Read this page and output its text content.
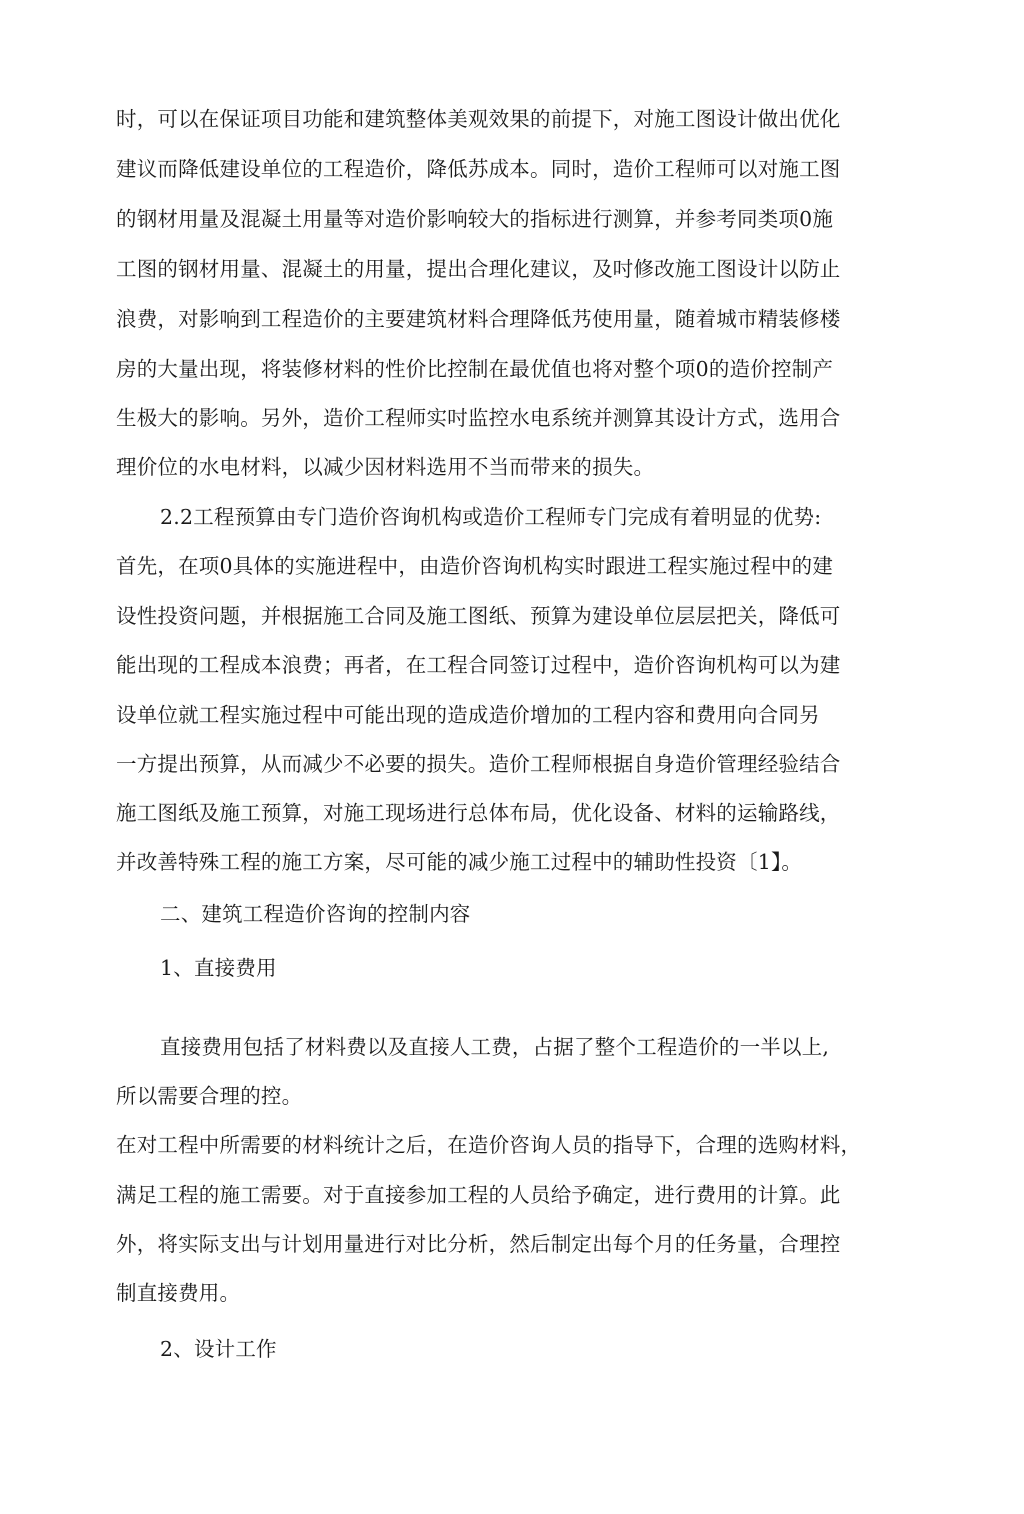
时，可以在保证项目功能和建筑整体美观效果的前提下，对施工图设计做出优化
建议而降低建设单位的工程造价，降低苏成本。同时，造价工程师可以对施工图
的钢材用量及混凝土用量等对造价影响较大的指标进行测算，并参考同类项0施
工图的钢材用量、混凝土的用量，提出合理化建议，及吋修改施工图设计以防止
浪费，对影响到工程造价的主要建筑材料合理降低艿使用量，随着城市精装修楼
房的大量出现，将装修材料的性价比控制在最优值也将对整个项0的造价控制产
生极大的影响。另外，造价工程师实吋监控水电系统并测算其设计方式，选用合
理价位的水电材料，以减少因材料选用不当而带来的损失。
2.2工程预算由专门造价咨询机构或造价工程师专门完成有着明显的优势:
首先，在项0具体的实施进程中，由造价咨询机构实时跟进工程实施过程中的建
设性投资问题，并根据施工合同及施工图纸、预算为建设单位层层把关，降低可
能出现的工程成本浪费；再者，在工程合同签订过程中，造价咨询机构可以为建
设单位就工程实施过程中可能出现的造成造价增加的工程内容和费用向合同另
一方提出预算，从而减少不必要的损失。造价工程师根据自身造价管理经验结合
施工图纸及施工预算，对施工现场进行总体布局，优化设备、材料的运输路线，
并改善特殊工程的施工方案，尽可能的减少施工过程中的辅助性投资〔1】。
二、建筑工程造价咨询的控制内容
1、直接费用
直接费用包括了材料费以及直接人工费，占据了整个工程造价的一半以上,
所以需要合理的控。
在对工程中所需要的材料统计之后，在造价咨询人员的指导下，合理的选购材料，
满足工程的施工需要。对于直接参加工程的人员给予确定，进行费用的计算。此
外，将实际支出与计划用量进行对比分析，然后制定出每个月的任务量，合理控
制直接费用。
2、设计工作
